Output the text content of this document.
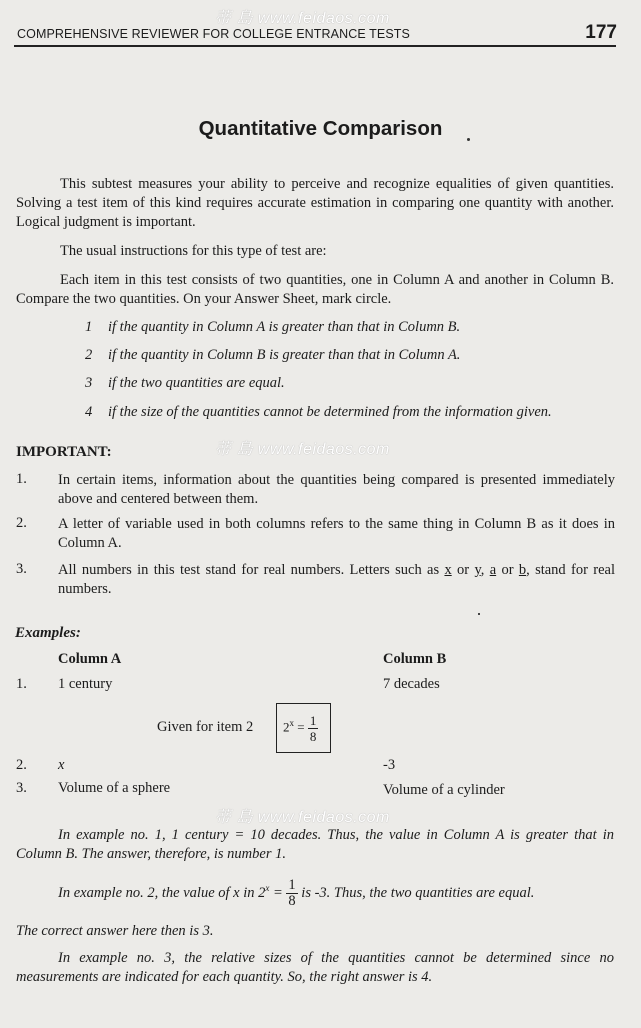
蒂 島 www.feidaos.com
蒂 島 www.feidaos.com
蒂 島 www.feidaos.com
COMPREHENSIVE REVIEWER FOR COLLEGE ENTRANCE TESTS	177
Quantitative Comparison
This subtest measures your ability to perceive and recognize equalities of given quantities. Solving a test item of this kind requires accurate estimation in comparing one quantity with another. Logical judgment is important.
The usual instructions for this type of test are:
Each item in this test consists of two quantities, one in Column A and another in Column B. Compare the two quantities. On your Answer Sheet, mark circle.
1 if the quantity in Column A is greater than that in Column B.
2 if the quantity in Column B is greater than that in Column A.
3 if the two quantities are equal.
4 if the size of the quantities cannot be determined from the information given.
IMPORTANT:
1. In certain items, information about the quantities being compared is presented immediately above and centered between them.
2. A letter of variable used in both columns refers to the same thing in Column B as it does in Column A.
3. All numbers in this test stand for real numbers. Letters such as x or y, a or b, stand for real numbers.
Examples:
Column A	Column B
1. 1 century	7 decades
Given for item 2 $2^x = \frac{1}{8}$
2. x	-3
3. Volume of a sphere	Volume of a cylinder
In example no. 1, 1 century = 10 decades. Thus, the value in Column A is greater that in Column B. The answer, therefore, is number 1.
In example no. 2, the value of x in $2^x = \frac{1}{8}$ is -3. Thus, the two quantities are equal.
The correct answer here then is 3.
In example no. 3, the relative sizes of the quantities cannot be determined since no measurements are indicated for each quantity. So, the right answer is 4.
